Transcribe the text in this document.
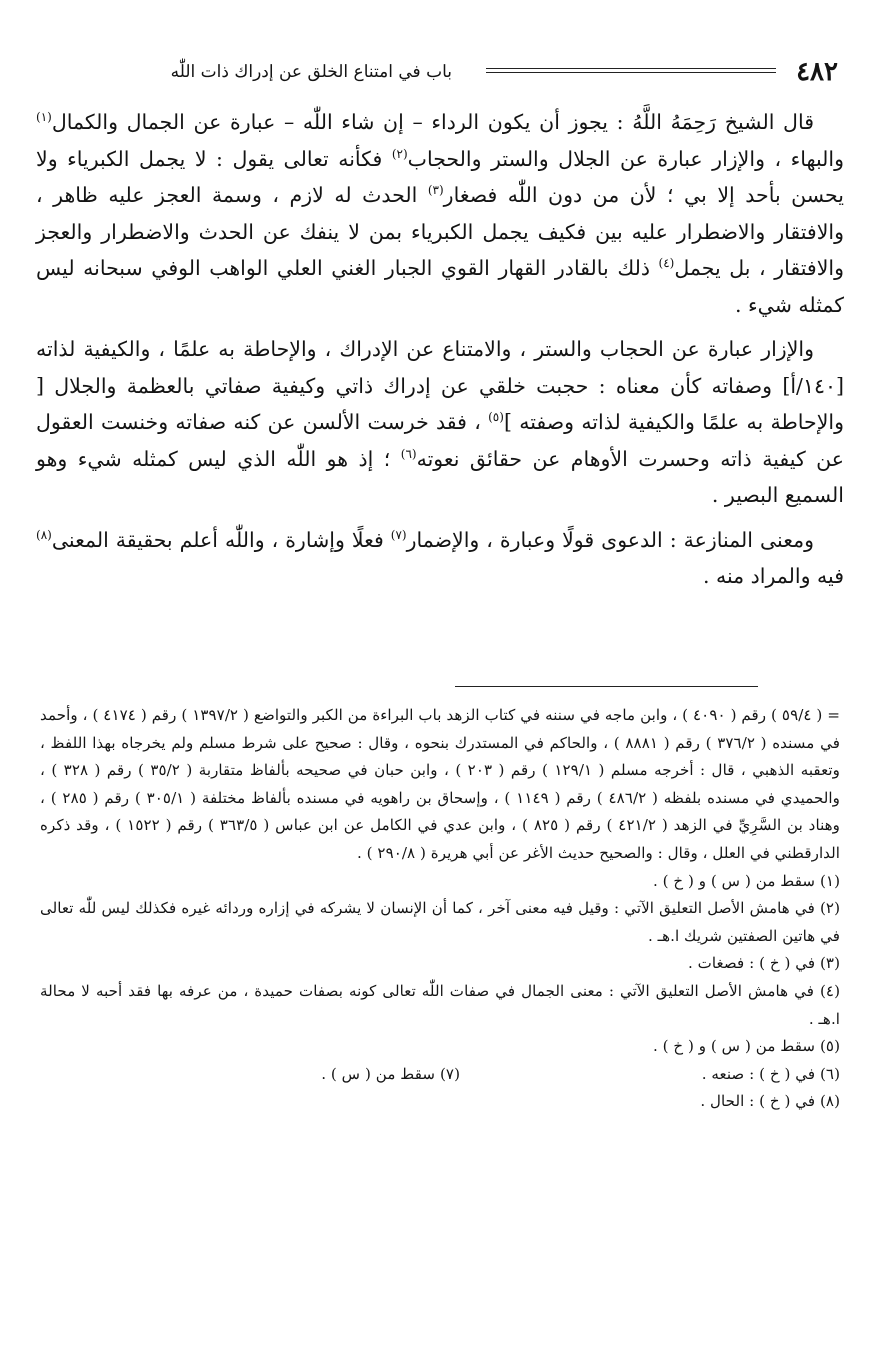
٤٨٢
باب في امتناع الخلق عن إدراك ذات اللّٰه

قال الشيخ رَحِمَهُ اللَّهُ : يجوز أن يكون الرداء – إن شاء اللّٰه – عبارة عن الجمال والكمال$^{(١)}$ والبهاء ، والإزار عبارة عن الجلال والستر والحجاب$^{(٢)}$ فكأنه تعالى يقول : لا يجمل الكبرياء ولا يحسن بأحد إلا بي ؛ لأن من دون اللّٰه فصغار$^{(٣)}$ الحدث له لازم ، وسمة العجز عليه ظاهر ، والافتقار والاضطرار عليه بين فكيف يجمل الكبرياء بمن لا ينفك عن الحدث والاضطرار والعجز والافتقار ، بل يجمل$^{(٤)}$ ذلك بالقادر القهار القوي الجبار الغني العلي الواهب الوفي سبحانه ليس كمثله شيء .

والإزار عبارة عن الحجاب والستر ، والامتناع عن الإدراك ، والإحاطة به علمًا ، والكيفية لذاته [١٤٠/أ] وصفاته كأن معناه : حجبت خلقي عن إدراك ذاتي وكيفية صفاتي بالعظمة والجلال [ والإحاطة به علمًا والكيفية لذاته وصفته ]$^{(٥)}$ ، فقد خرست الألسن عن كنه صفاته وخنست العقول عن كيفية ذاته وحسرت الأوهام عن حقائق نعوته$^{(٦)}$ ؛ إذ هو اللّٰه الذي ليس كمثله شيء وهو السميع البصير .

ومعنى المنازعة : الدعوى قولًا وعبارة ، والإضمار$^{(٧)}$ فعلًا وإشارة ، واللّٰه أعلم بحقيقة المعنى$^{(٨)}$ فيه والمراد منه .

= ( ٥٩/٤ ) رقم ( ٤٠٩٠ ) ، وابن ماجه في سننه في كتاب الزهد باب البراءة من الكبر والتواضع ( ١٣٩٧/٢ ) رقم ( ٤١٧٤ ) ، وأحمد في مسنده ( ٣٧٦/٢ ) رقم ( ٨٨٨١ ) ، والحاكم في المستدرك بنحوه ، وقال : صحيح على شرط مسلم ولم يخرجاه بهذا اللفظ ، وتعقبه الذهبي ، قال : أخرجه مسلم ( ١٢٩/١ ) رقم ( ٢٠٣ ) ، وابن حبان في صحيحه بألفاظ متقاربة ( ٣٥/٢ ) رقم ( ٣٢٨ ) ، والحميدي في مسنده بلفظه ( ٤٨٦/٢ ) رقم ( ١١٤٩ ) ، وإسحاق بن راهويه في مسنده بألفاظ مختلفة ( ٣٠٥/١ ) رقم ( ٢٨٥ ) ، وهناد بن السَّرِيِّ في الزهد ( ٤٢١/٢ ) رقم ( ٨٢٥ ) ، وابن عدي في الكامل عن ابن عباس ( ٣٦٣/٥ ) رقم ( ١٥٢٢ ) ، وقد ذكره الدارقطني في العلل ، وقال : والصحيح حديث الأغر عن أبي هريرة ( ٢٩٠/٨ ) .

(١) سقط من ( س ) و ( خ ) .

(٢) في هامش الأصل التعليق الآتي : وقيل فيه معنى آخر ، كما أن الإنسان لا يشركه في إزاره وردائه غيره فكذلك ليس للّٰه تعالى في هاتين الصفتين شريك ا.هـ .

(٣) في ( خ ) : فصغات .

(٤) في هامش الأصل التعليق الآتي : معنى الجمال في صفات اللّٰه تعالى كونه بصفات حميدة ، من عرفه بها فقد أحبه لا محالة ا.هـ .

(٥) سقط من ( س ) و ( خ ) .

(٦) في ( خ ) : صنعه .
(٧) سقط من ( س ) .

(٨) في ( خ ) : الحال .
